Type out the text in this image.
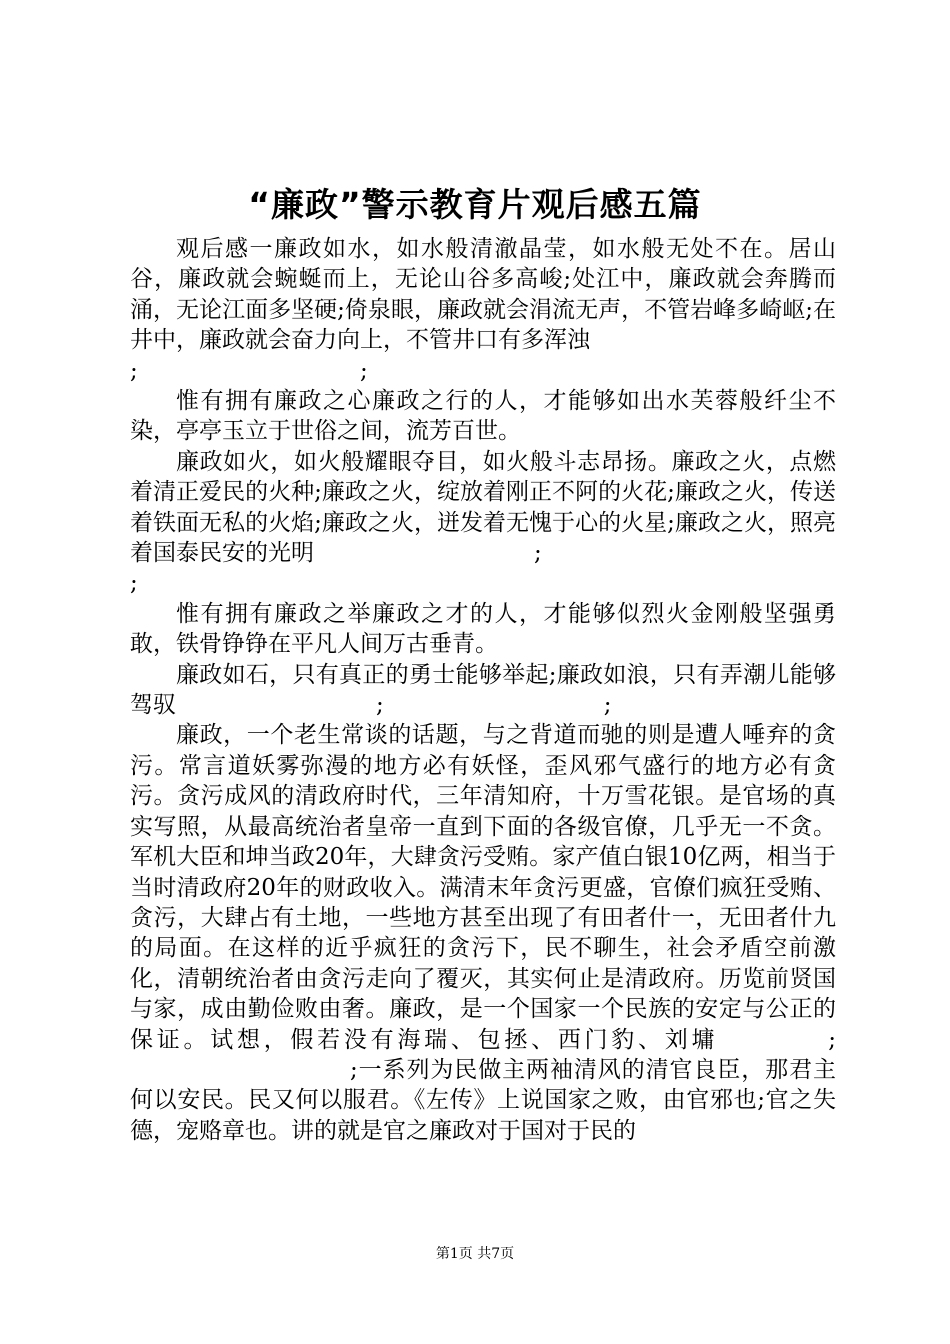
“廉政”警示教育片观后感五篇

观后感一廉政如水，如水般清澈晶莹，如水般无处不在。居山谷，廉政就会蜿蜒而上，无论山谷多高峻;处江中，廉政就会奔腾而涌，无论江面多坚硬;倚泉眼，廉政就会涓流无声，不管岩峰多崎岖;在井中，廉政就会奋力向上，不管井口有多浑浊

;	;

惟有拥有廉政之心廉政之行的人，才能够如出水芙蓉般纤尘不染，亭亭玉立于世俗之间，流芳百世。

廉政如火，如火般耀眼夺目，如火般斗志昂扬。廉政之火，点燃着清正爱民的火种;廉政之火，绽放着刚正不阿的火花;廉政之火，传送着铁面无私的火焰;廉政之火，迸发着无愧于心的火星;廉政之火，照亮着国泰民安的光明	;

;

惟有拥有廉政之举廉政之才的人，才能够似烈火金刚般坚强勇敢，铁骨铮铮在平凡人间万古垂青。

廉政如石，只有真正的勇士能够举起;廉政如浪，只有弄潮儿能够驾驭	;	;

廉政，一个老生常谈的话题，与之背道而驰的则是遭人唾弃的贪污。常言道妖雾弥漫的地方必有妖怪，歪风邪气盛行的地方必有贪污。贪污成风的清政府时代，三年清知府，十万雪花银。是官场的真实写照，从最高统治者皇帝一直到下面的各级官僚，几乎无一不贪。军机大臣和坤当政20年，大肆贪污受贿。家产值白银10亿两，相当于当时清政府20年的财政收入。满清末年贪污更盛，官僚们疯狂受贿、贪污，大肆占有土地，一些地方甚至出现了有田者什一，无田者什九的局面。在这样的近乎疯狂的贪污下，民不聊生，社会矛盾空前激化，清朝统治者由贪污走向了覆灭，其实何止是清政府。历览前贤国与家，成由勤俭败由奢。廉政，是一个国家一个民族的安定与公正的保证。试想，假若没有海瑞、包拯、西门豹、刘墉	;;一系列为民做主两袖清风的清官良臣，那君主何以安民。民又何以服君。《左传》上说国家之败，由官邪也;官之失德，宠赂章也。讲的就是官之廉政对于国对于民的

第1页 共7页
